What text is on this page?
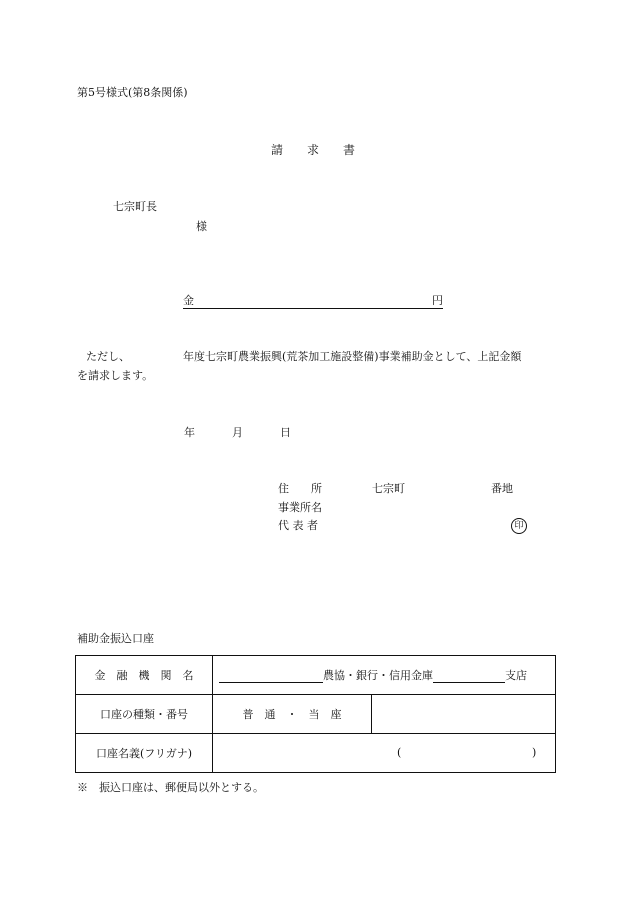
第5号様式(第8条関係)
請　　求　　書
七宗町長
様
金	円
ただし、	年度七宗町農業振興(荒茶加工施設整備)事業補助金として、上記金額
を請求します。
年	月	日
住　　所	七宗町	番地
事業所名
代 表 者	印
補助金振込口座
金　融　機　関　名	農協・銀行・信用金庫 支店	
口座の種類・番号	普　通　・　当　座	
口座名義(フリガナ)	( )	
※　振込口座は、郵便局以外とする。
